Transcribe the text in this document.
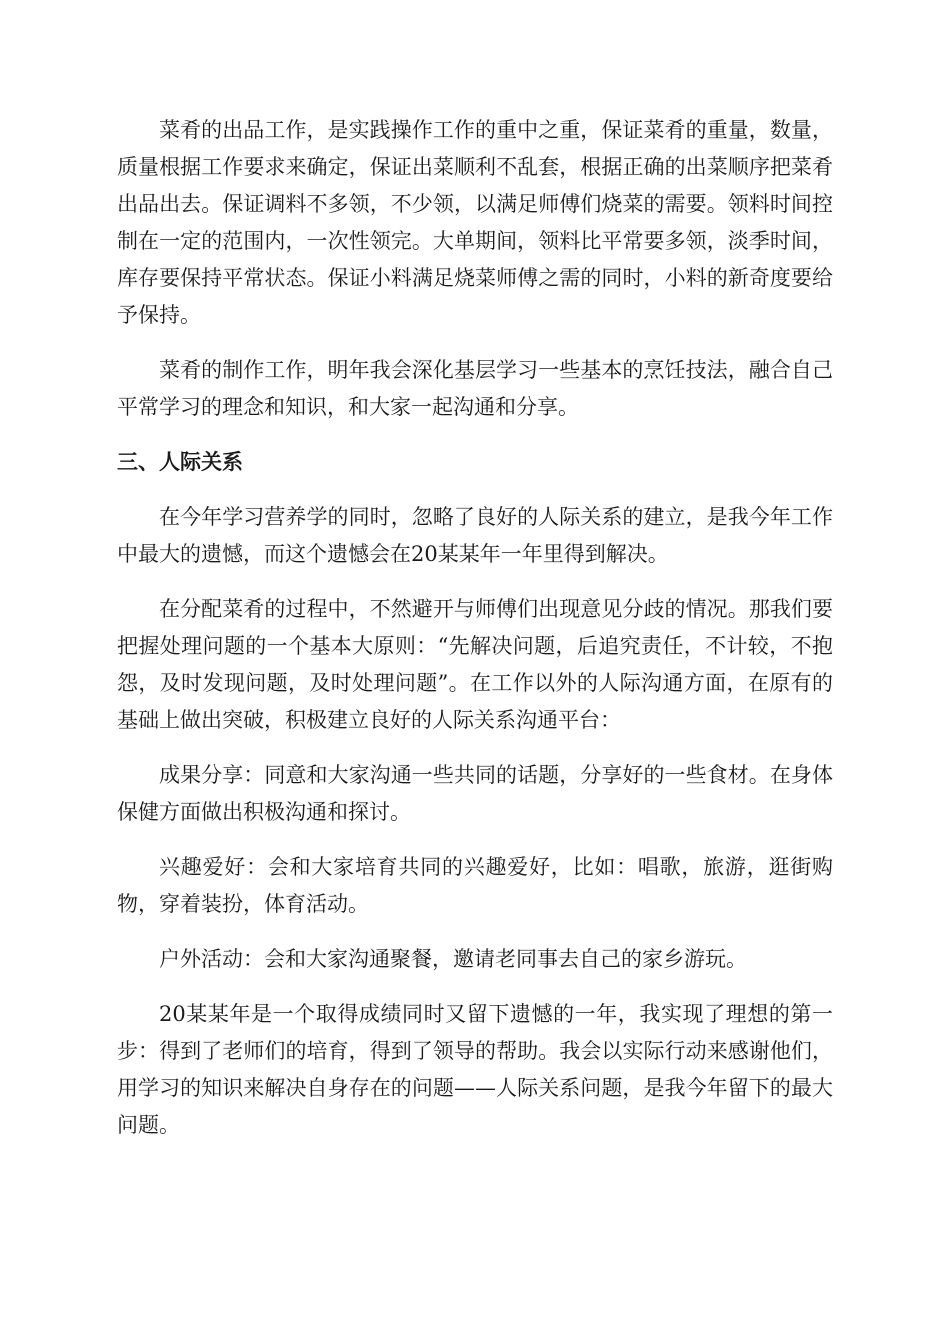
菜肴的出品工作，是实践操作工作的重中之重，保证菜肴的重量，数量，质量根据工作要求来确定，保证出菜顺利不乱套，根据正确的出菜顺序把菜肴出品出去。保证调料不多领，不少领，以满足师傅们烧菜的需要。领料时间控制在一定的范围内，一次性领完。大单期间，领料比平常要多领，淡季时间，库存要保持平常状态。保证小料满足烧菜师傅之需的同时，小料的新奇度要给予保持。

菜肴的制作工作，明年我会深化基层学习一些基本的烹饪技法，融合自己平常学习的理念和知识，和大家一起沟通和分享。

三、人际关系

在今年学习营养学的同时，忽略了良好的人际关系的建立，是我今年工作中最大的遗憾，而这个遗憾会在20某某年一年里得到解决。

在分配菜肴的过程中，不然避开与师傅们出现意见分歧的情况。那我们要把握处理问题的一个基本大原则：“先解决问题，后追究责任，不计较，不抱怨，及时发现问题，及时处理问题”。在工作以外的人际沟通方面，在原有的基础上做出突破，积极建立良好的人际关系沟通平台：

成果分享：同意和大家沟通一些共同的话题，分享好的一些食材。在身体保健方面做出积极沟通和探讨。

兴趣爱好：会和大家培育共同的兴趣爱好，比如：唱歌，旅游，逛街购物，穿着装扮，体育活动。

户外活动：会和大家沟通聚餐，邀请老同事去自己的家乡游玩。

20某某年是一个取得成绩同时又留下遗憾的一年，我实现了理想的第一步：得到了老师们的培育，得到了领导的帮助。我会以实际行动来感谢他们，用学习的知识来解决自身存在的问题——人际关系问题，是我今年留下的最大问题。
